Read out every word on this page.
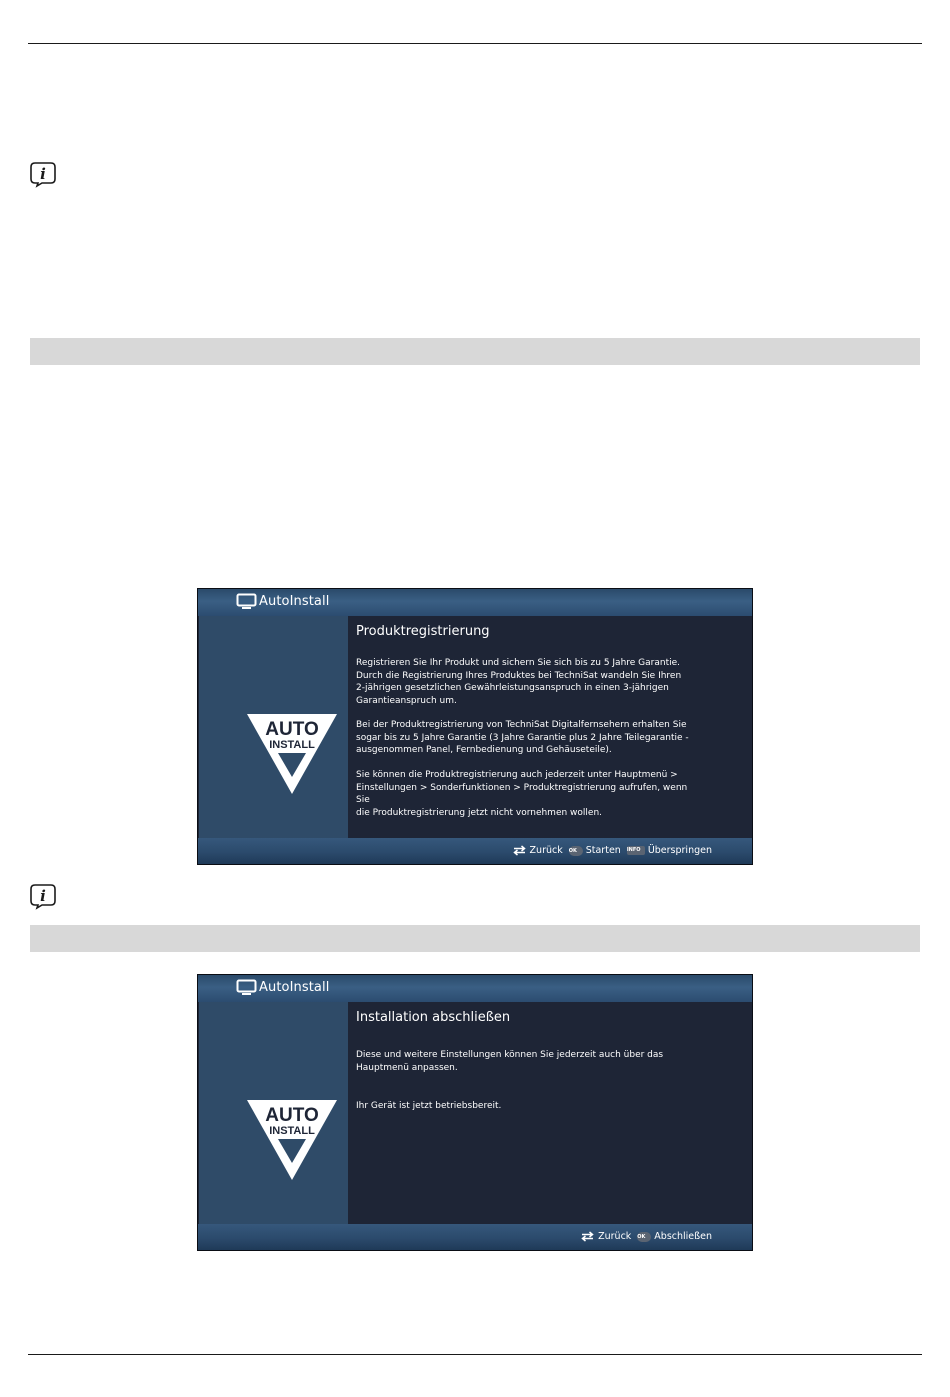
i
AutoInstall
AUTO
INSTALL
Produktregistrierung

Registrieren Sie Ihr Produkt und sichern Sie sich bis zu 5 Jahre Garantie.
Durch die Registrierung Ihres Produktes bei TechniSat wandeln Sie Ihren
2-jährigen gesetzlichen Gewährleistungsanspruch in einen 3-jährigen
Garantieanspruch um.

Bei der Produktregistrierung von TechniSat Digitalfernsehern erhalten Sie
sogar bis zu 5 Jahre Garantie (3 Jahre Garantie plus 2 Jahre Teilegarantie -
ausgenommen Panel, Fernbedienung und Gehäuseteile).

Sie können die Produktregistrierung auch jederzeit unter Hauptmenü >
Einstellungen > Sonderfunktionen > Produktregistrierung aufrufen, wenn Sie
die Produktregistrierung jetzt nicht vornehmen wollen.

Zurück OK Starten INFO Überspringen
i
AutoInstall
AUTO
INSTALL
Installation abschließen

Diese und weitere Einstellungen können Sie jederzeit auch über das
Hauptmenü anpassen.

Ihr Gerät ist jetzt betriebsbereit.

Zurück OK Abschließen
